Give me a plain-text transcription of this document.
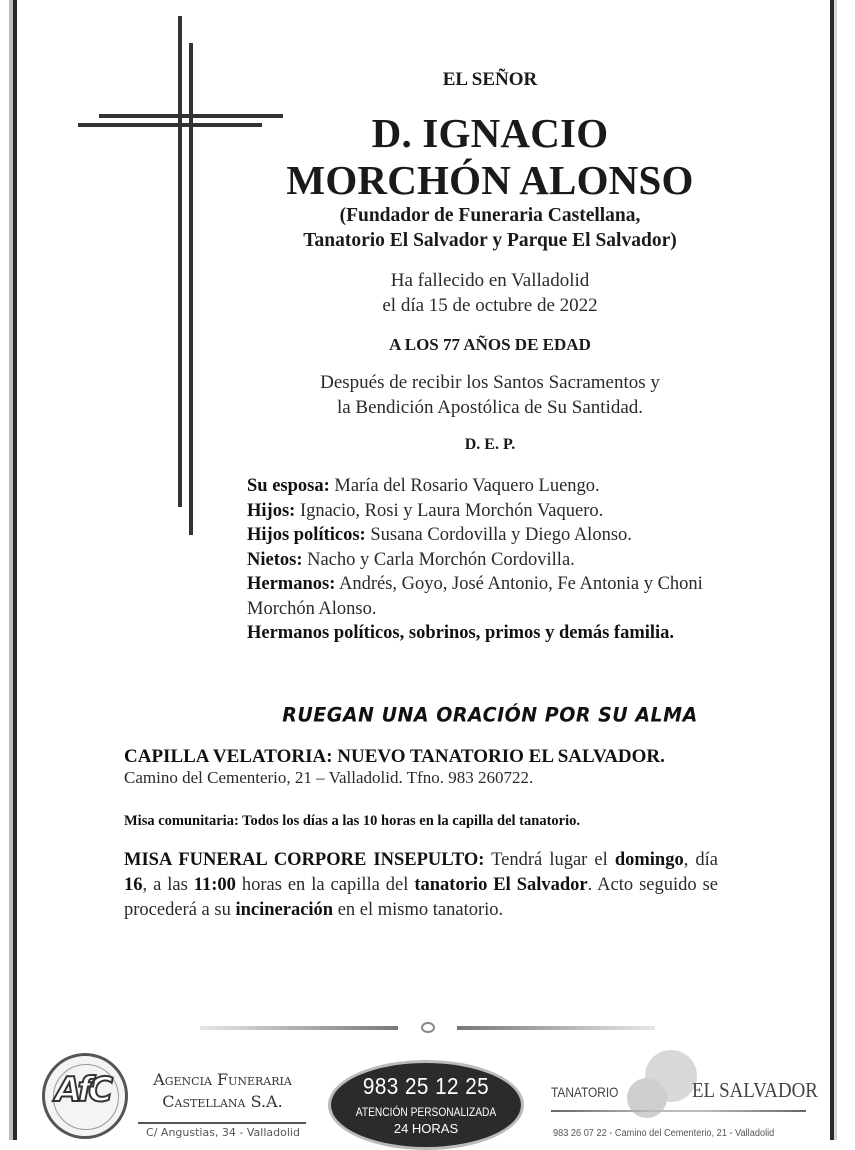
EL SEÑOR
D. IGNACIO
MORCHÓN ALONSO
(Fundador de Funeraria Castellana,
Tanatorio El Salvador y Parque El Salvador)
Ha fallecido en Valladolid
el día 15 de octubre de 2022
A LOS 77 AÑOS DE EDAD
Después de recibir los Santos Sacramentos y
la Bendición Apostólica de Su Santidad.
D. E. P.
Su esposa: María del Rosario Vaquero Luengo.
Hijos: Ignacio, Rosi y Laura Morchón Vaquero.
Hijos políticos: Susana Cordovilla y Diego Alonso.
Nietos: Nacho y Carla Morchón Cordovilla.
Hermanos: Andrés, Goyo, José Antonio, Fe Antonia y Choni Morchón Alonso.
Hermanos políticos, sobrinos, primos y demás familia.
RUEGAN UNA ORACIÓN POR SU ALMA
CAPILLA VELATORIA: NUEVO TANATORIO EL SALVADOR.
Camino del Cementerio, 21 – Valladolid. Tfno. 983 260722.
Misa comunitaria: Todos los días a las 10 horas en la capilla del tanatorio.
MISA FUNERAL CORPORE INSEPULTO: Tendrá lugar el domingo, día 16, a las 11:00 horas en la capilla del tanatorio El Salvador. Acto seguido se procederá a su incineración en el mismo tanatorio.
AfC	Agencia Funeraria
Castellana S.A.
C/ Angustias, 34 - Valladolid
983 25 12 25
ATENCIÓN PERSONALIZADA
24 HORAS
TANATORIO	EL SALVADOR
983 26 07 22 - Camino del Cementerio, 21 - Valladolid
